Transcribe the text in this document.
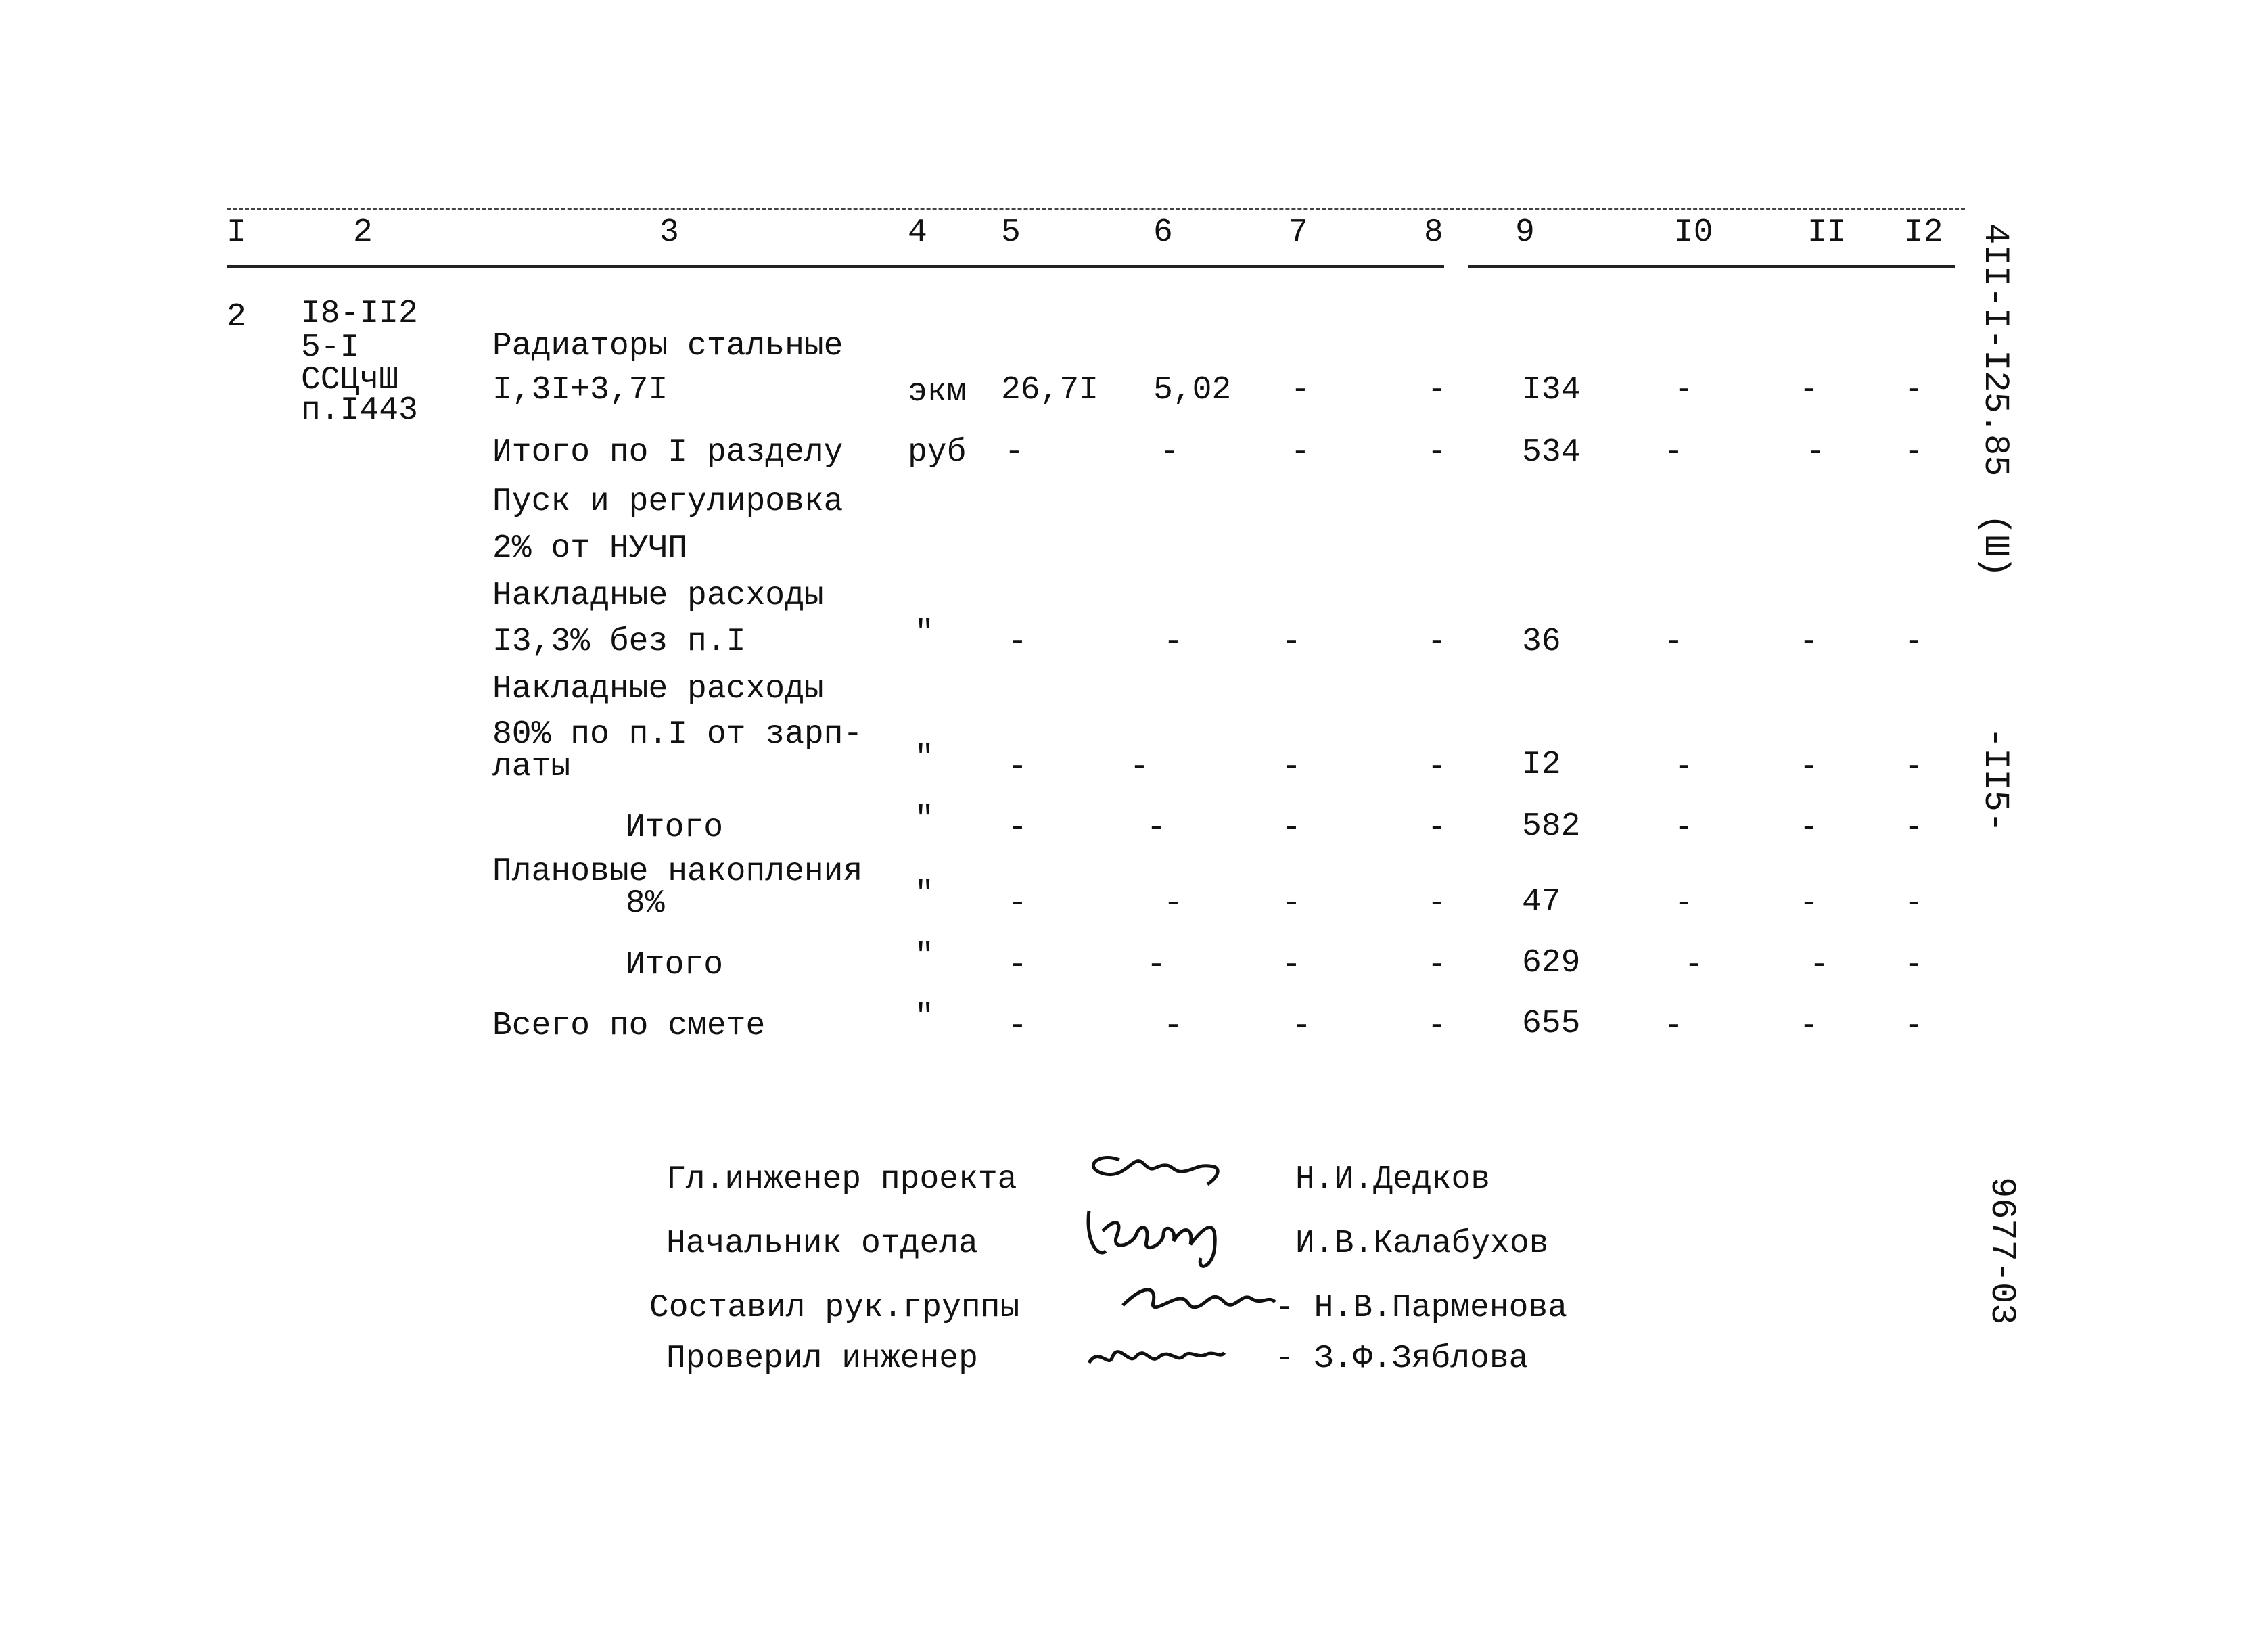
I	2	3	4 5	6	7	8 9	I0	II I2
2 I8-II2
5-I
ССЦчШ
п.I443
Радиаторы стальные
I,3I+3,7I	экм 26,7I 5,02 -	- I34	-	-	-
Итого по I разделу руб -	-	-	- 534	-	- -
Пуск и регулировка
2% от НУЧП
Накладные расходы
I3,3% без п.I	" -	-	-	- 36	-	-	-
Накладные расходы
80% по п.I от зарп-
латы	" -	-	-	- I2	-	-	-
Итого	" -	-	-	- 582	-	-	-
Плановые накопления
8%	" -	-	-	- 47	-	-	-
Итого	" -	-	-	- 629	-	- -
Всего по смете	" -	-	-	- 655	-	-	-
Гл.инженер проекта	Н.И.Дедков
Начальник отдела	И.В.Калабухов
Составил рук.группы	- Н.В.Парменова
Проверил инженер	- З.Ф.Зяблова
4II-I-I25.85
(Ш)
-II5-
9677-03
